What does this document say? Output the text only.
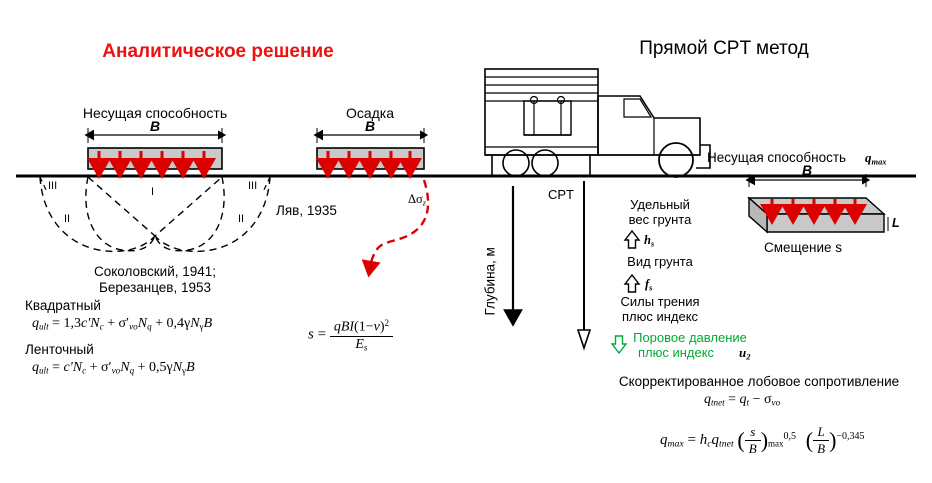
Аналитическое решение	Прямой CPT метод
Несущая способность
B
III	I
II	II
III
Соколовский, 1941;
Березанцев, 1953
Квадратный
$q_{ult} = 1,3c'N_c + \sigma'_{vo}N_q + 0,4\gamma N_\gamma B$
Ленточный
$q_{ult} = c'N_c + \sigma'_{vo}N_q + 0,5\gamma N_\gamma B$
Осадка
B
$\Delta\sigma_z$
Ляв, 1935
$s = \frac{qBI(1-v)^2}{E_s}$
CPT
Глубина, м
Удельный
вес грунта
$h_s$
Вид грунта
$f_s$
Силы трения
плюс индекс
Поровое давление
плюс индекс $u_2$
Несущая способность $q_{max}$
B
L
Смещение s
Скорректированное лобовое сопротивление
$q_{tnet} = q_t - \sigma_{vo}$
$q_{max} = h_cq_{tnet}$ ( $\frac{s}{B} )_{max}^{0,5}$ ( $\frac{L}{B} )^{-0,345}$
